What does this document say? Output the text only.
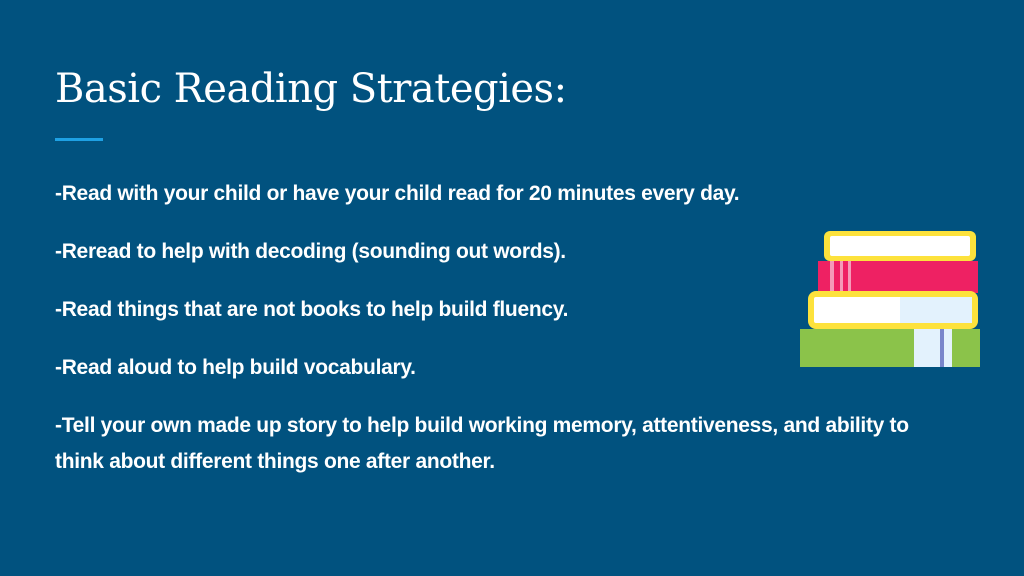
Basic Reading Strategies:
-Read with your child or have your child read for 20 minutes every day.
-Reread to help with decoding (sounding out words).
-Read things that are not books to help build fluency.
-Read aloud to help build vocabulary.
-Tell your own made up story to help build working memory, attentiveness, and ability to think about different things one after another.
